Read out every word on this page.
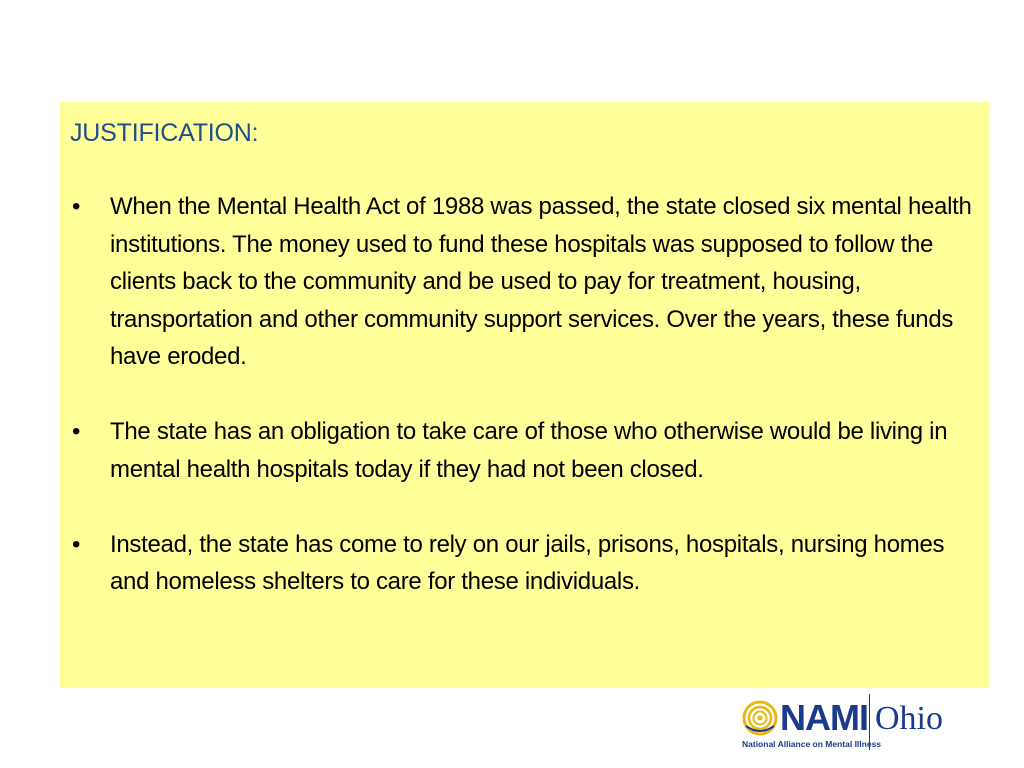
JUSTIFICATION:
• When the Mental Health Act of 1988 was passed, the state closed six mental health institutions. The money used to fund these hospitals was supposed to follow the clients back to the community and be used to pay for treatment, housing, transportation and other community support services. Over the years, these funds have eroded.
• The state has an obligation to take care of those who otherwise would be living in mental health hospitals today if they had not been closed.
• Instead, the state has come to rely on our jails, prisons, hospitals, nursing homes and homeless shelters to care for these individuals.
NAMI Ohio
National Alliance on Mental Illness
